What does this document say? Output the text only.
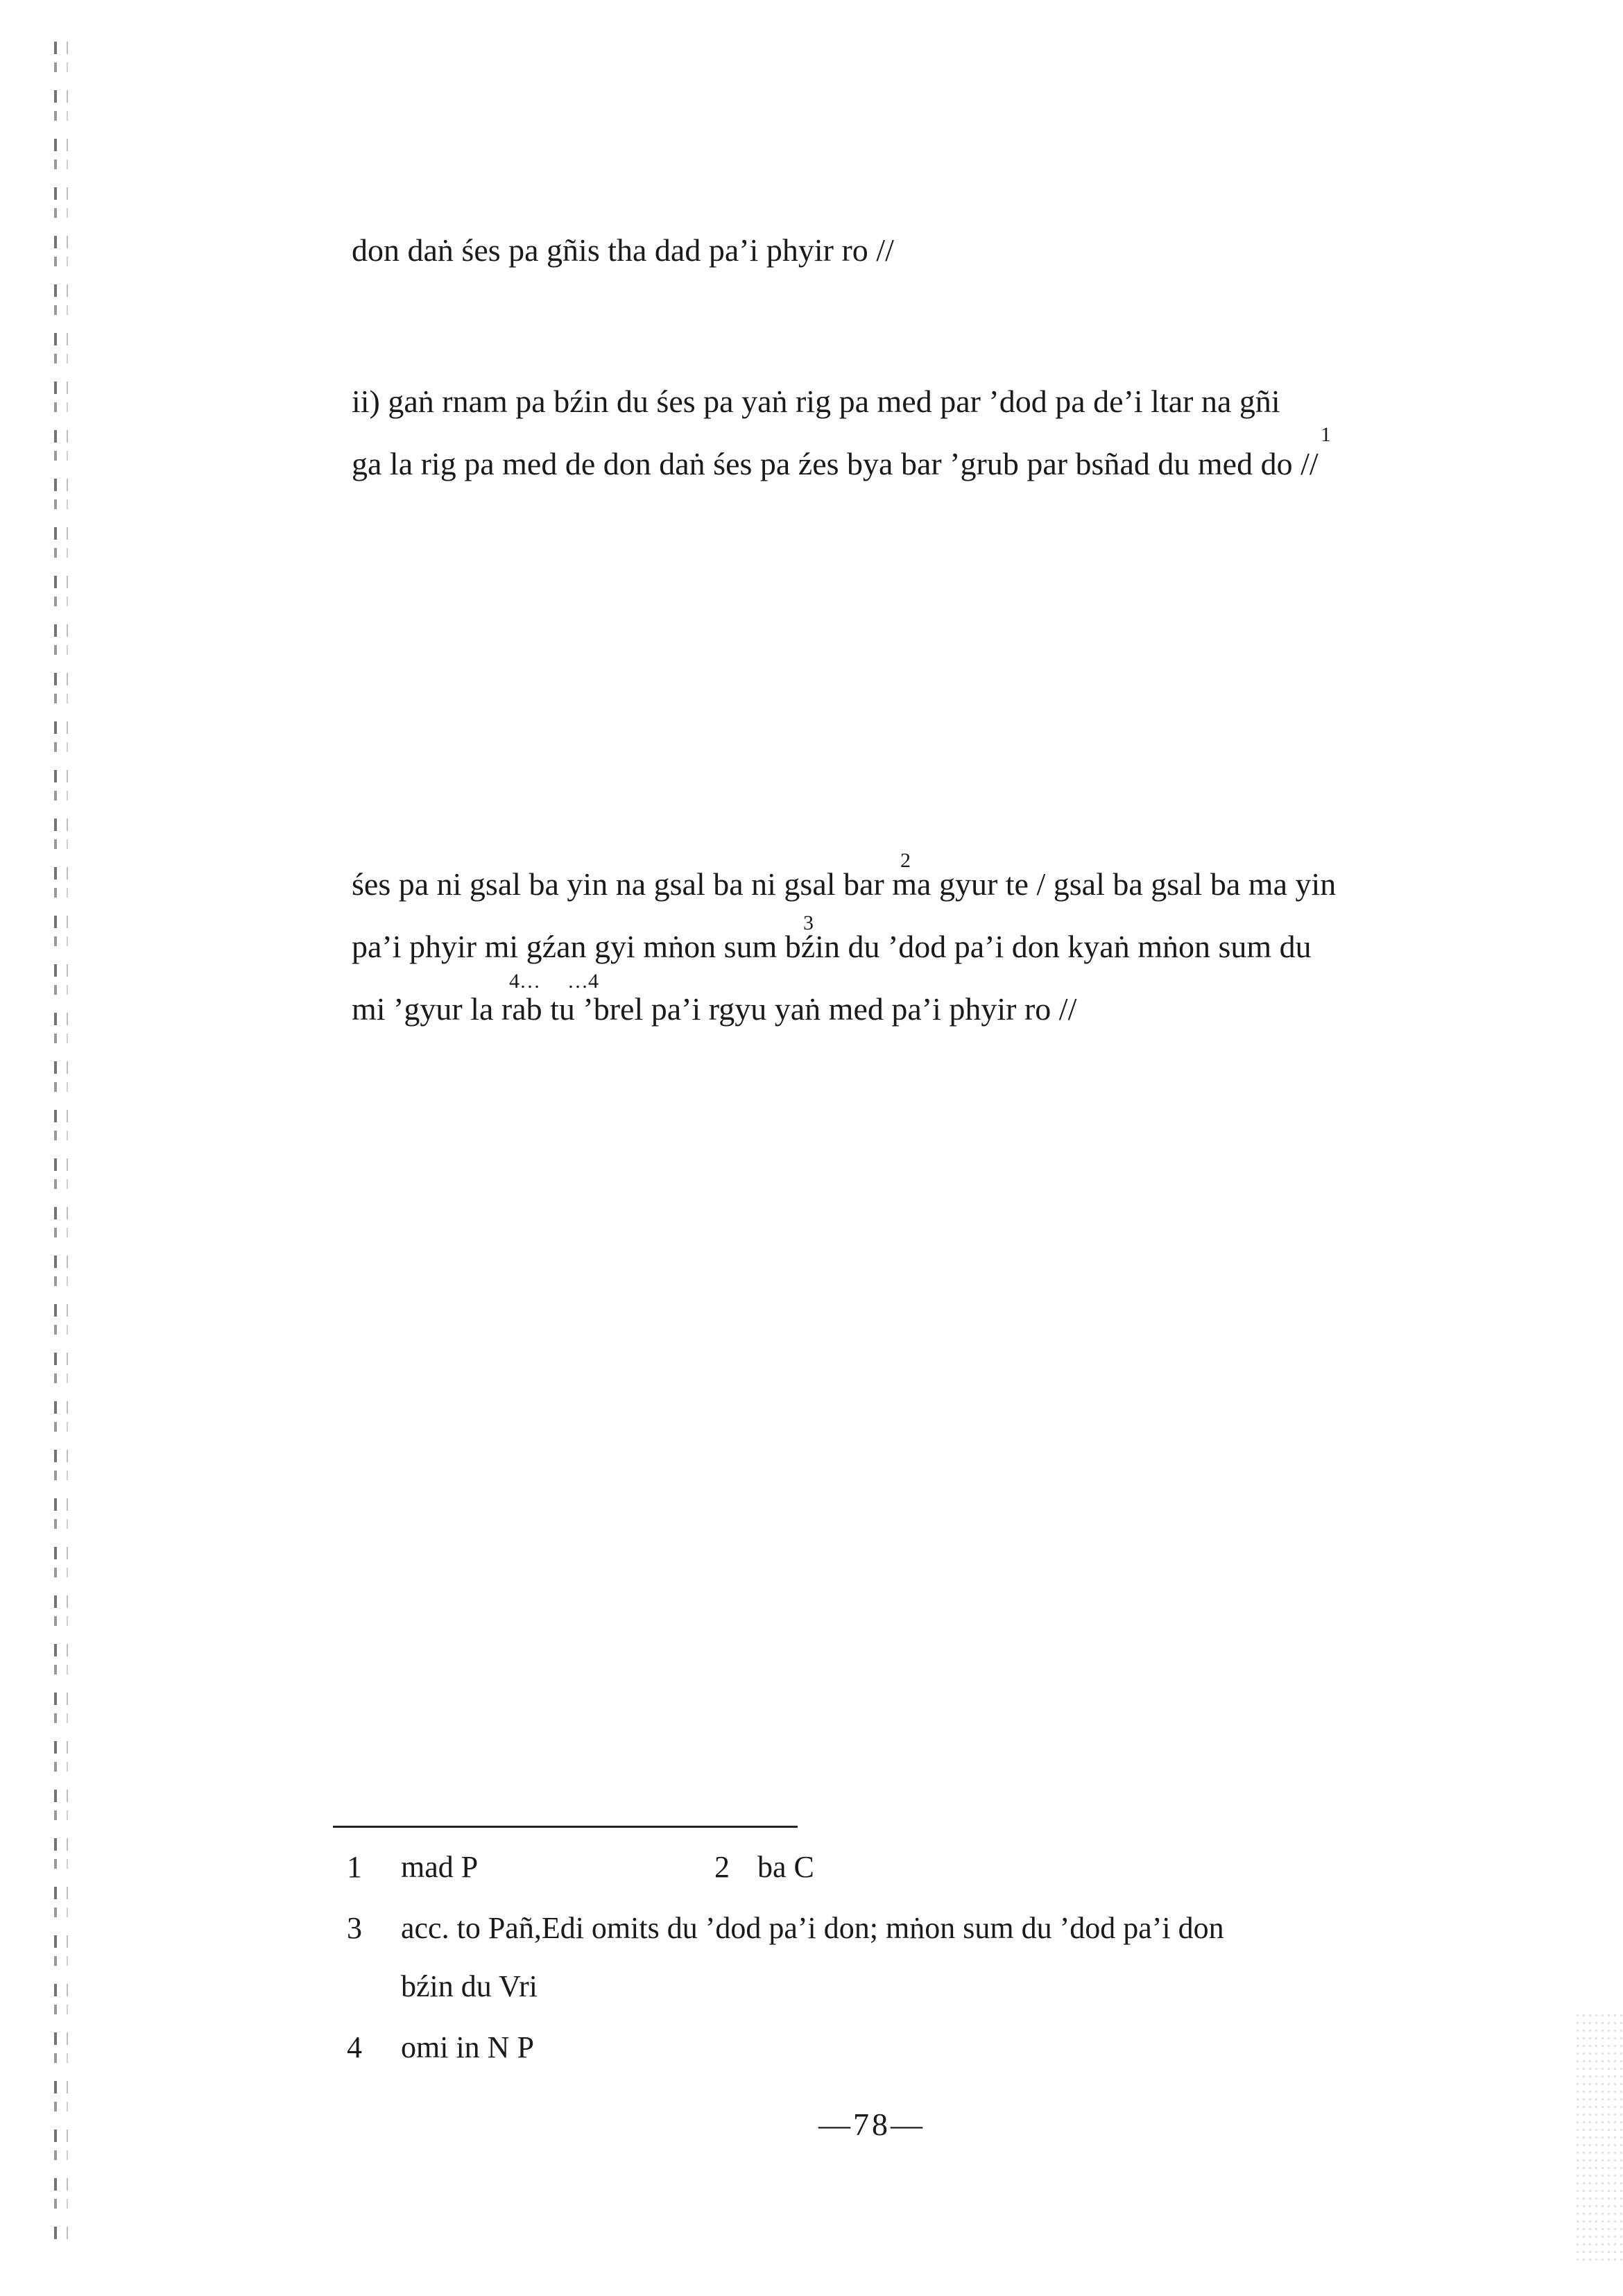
don daṅ śes pa gñis tha dad pa’i phyir ro //
ii) gaṅ rnam pa bźin du śes pa yaṅ rig pa med par ’dod pa de’i ltar na gñi
1
ga la rig pa med de don daṅ śes pa źes bya bar ’grub par bsñad du med do //
2
śes pa ni gsal ba yin na gsal ba ni gsal bar ma gyur te / gsal ba gsal ba ma yin
3
pa’i phyir mi gźan gyi mṅon sum bźin du ’dod pa’i don kyaṅ mṅon sum du
4… …4
mi ’gyur la rab tu ’brel pa’i rgyu yaṅ med pa’i phyir ro //
1 mad P	2 ba C
3 acc. to Pañ,Edi omits du ’dod pa’i don; mṅon sum du ’dod pa’i don
bźin du Vri
4 omi in N P
—78—
